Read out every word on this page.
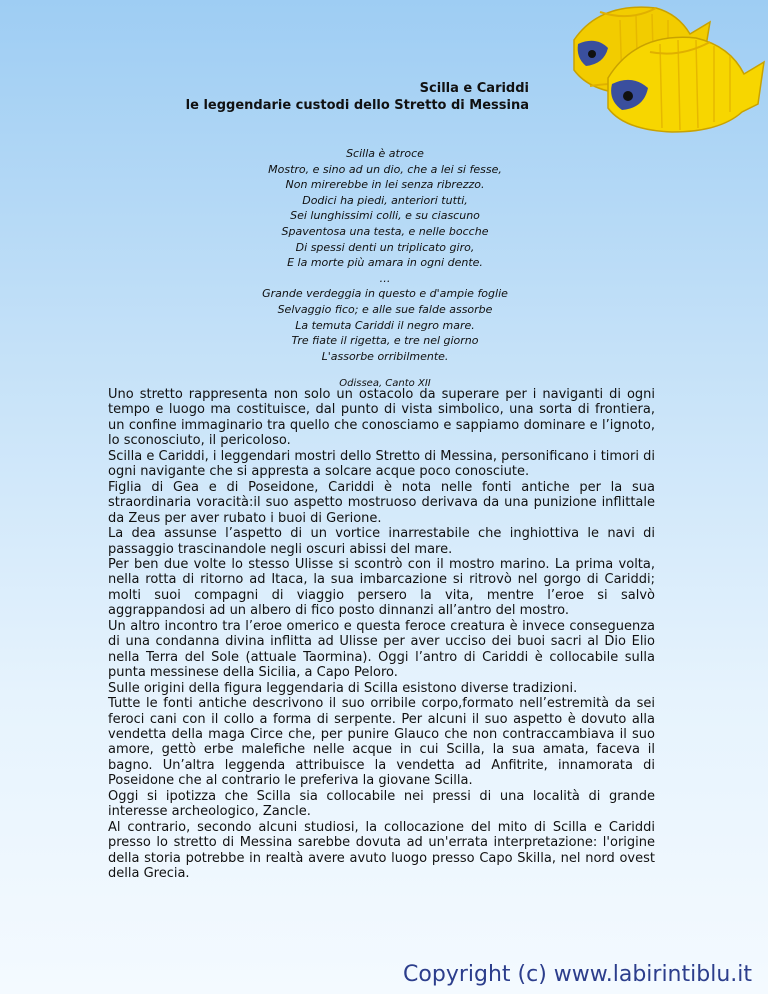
Scilla e Cariddi
le leggendarie custodi dello Stretto di Messina
Scilla è atroce
Mostro, e sino ad un dio, che a lei si fesse,
Non mirerebbe in lei senza ribrezzo.
Dodici ha piedi, anteriori tutti,
Sei lunghissimi colli, e su ciascuno
Spaventosa una testa, e nelle bocche
Di spessi denti un triplicato giro,
E la morte più amara in ogni dente.
…
Grande verdeggia in questo e d'ampie foglie
Selvaggio fico; e alle sue falde assorbe
La temuta Cariddi il negro mare.
Tre fiate il rigetta, e tre nel giorno
L'assorbe orribilmente.
Odissea, Canto XII

Uno stretto rappresenta non solo un ostacolo da superare per i naviganti di ogni tempo e luogo ma costituisce, dal punto di vista simbolico, una sorta di frontiera, un confine immaginario tra quello che conosciamo e sappiamo dominare e l’ignoto, lo sconosciuto, il pericoloso.

Scilla e Cariddi, i leggendari mostri dello Stretto di Messina, personificano i timori di ogni navigante che si appresta a solcare acque poco conosciute.

Figlia di Gea e di Poseidone, Cariddi è nota nelle fonti antiche per la sua straordinaria voracità:il suo aspetto mostruoso derivava da una punizione inflittale da Zeus per aver rubato i buoi di Gerione.

La dea assunse l’aspetto di un vortice inarrestabile che inghiottiva le navi di passaggio trascinandole negli oscuri abissi del mare.

Per ben due volte lo stesso Ulisse si scontrò con il mostro marino. La prima volta, nella rotta di ritorno ad Itaca, la sua imbarcazione si ritrovò nel gorgo di Cariddi; molti suoi compagni di viaggio persero la vita, mentre l’eroe si salvò aggrappandosi ad un albero di fico posto dinnanzi all’antro del mostro.

Un altro incontro tra l’eroe omerico e questa feroce creatura è invece conseguenza di una condanna divina inflitta ad Ulisse per aver ucciso dei buoi sacri al Dio Elio nella Terra del Sole (attuale Taormina). Oggi l’antro di Cariddi è collocabile sulla punta messinese della Sicilia, a Capo Peloro.

Sulle origini della figura leggendaria di Scilla esistono diverse tradizioni.

Tutte le fonti antiche descrivono il suo orribile corpo,formato nell’estremità da sei feroci cani con il collo a forma di serpente. Per alcuni il suo aspetto è dovuto alla vendetta della maga Circe che, per punire Glauco che non contraccambiava il suo amore, gettò erbe malefiche nelle acque in cui Scilla, la sua amata, faceva il bagno. Un’altra leggenda attribuisce la vendetta ad Anfitrite, innamorata di Poseidone che al contrario le preferiva la giovane Scilla.

Oggi si ipotizza che Scilla sia collocabile nei pressi di una località di grande interesse archeologico, Zancle.

Al contrario, secondo alcuni studiosi, la collocazione del mito di Scilla e Cariddi presso lo stretto di Messina sarebbe dovuta ad un'errata interpretazione: l'origine della storia potrebbe in realtà avere avuto luogo presso Capo Skilla, nel nord ovest della Grecia.

Copyright (c) www.labirintiblu.it
